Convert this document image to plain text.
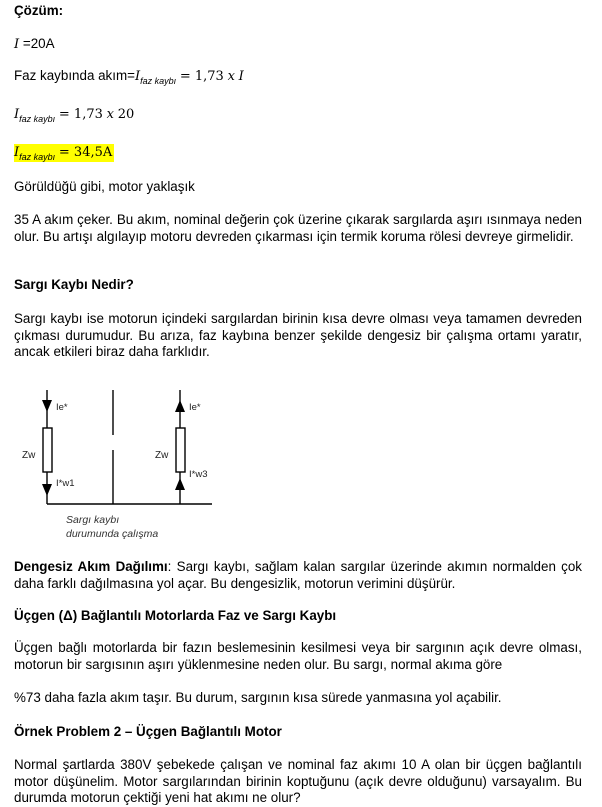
Çözüm:
I =20A
Faz kaybında $akım=I_{faz kaybı} = 1,73$ x I
$I_{faz kaybı} = 1,73$ x 20
$I_{faz kaybı} = 34,5A$
Görüldüğü gibi, motor yaklaşık
35 A akım çeker. Bu akım, nominal değerin çok üzerine çıkarak sargılarda aşırı ısınmaya neden olur. Bu artışı algılayıp motoru devreden çıkarması için termik koruma rölesi devreye girmelidir.
Sargı Kaybı Nedir?
Sargı kaybı ise motorun içindeki sargılardan birinin kısa devre olması veya tamamen devreden çıkması durumudur. Bu arıza, faz kaybına benzer şekilde dengesiz bir çalışma ortamı yaratır, ancak etkileri biraz daha farklıdır.
Ie*	Ie*
Zw	Zw
I*w1
I*w3
Sargı kaybı
durumunda çalışma
Dengesiz Akım Dağılımı: Sargı kaybı, sağlam kalan sargılar üzerinde akımın normalden çok daha farklı dağılmasına yol açar. Bu dengesizlik, motorun verimini düşürür.
Üçgen (Δ) Bağlantılı Motorlarda Faz ve Sargı Kaybı
Üçgen bağlı motorlarda bir fazın beslemesinin kesilmesi veya bir sargının açık devre olması, motorun bir sargısının aşırı yüklenmesine neden olur. Bu sargı, normal akıma göre
%73 daha fazla akım taşır. Bu durum, sargının kısa sürede yanmasına yol açabilir.
Örnek Problem 2 – Üçgen Bağlantılı Motor
Normal şartlarda 380V şebekede çalışan ve nominal faz akımı 10 A olan bir üçgen bağlantılı motor düşünelim. Motor sargılarından birinin koptuğunu (açık devre olduğunu) varsayalım. Bu durumda motorun çektiği yeni hat akımı ne olur?
